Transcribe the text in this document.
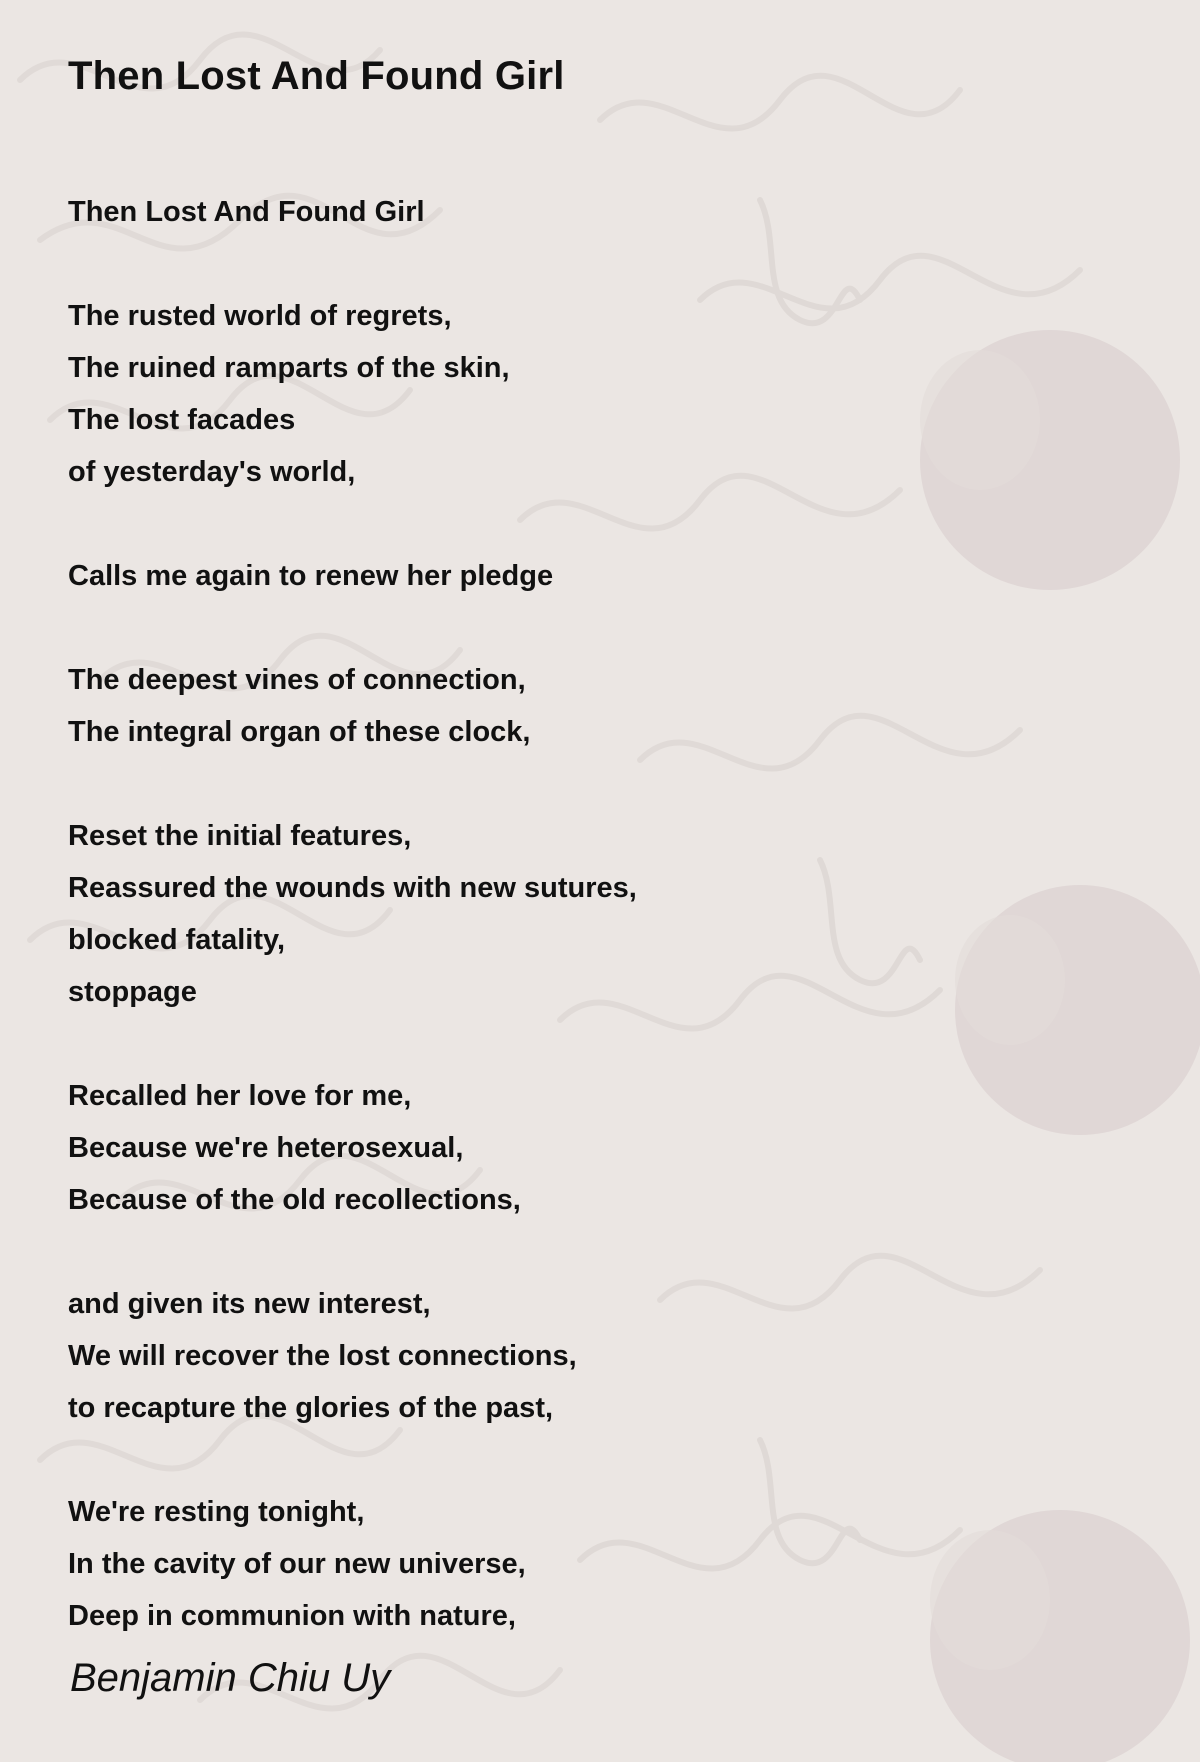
Then Lost And Found Girl
Then Lost And Found Girl
The rusted world of regrets,
The ruined ramparts of the skin,
The lost facades
of yesterday's world,
Calls me again to renew her pledge
The deepest vines of connection,
The integral organ of these clock,
Reset the initial features,
Reassured the wounds with new sutures,
blocked fatality,
stoppage
Recalled her love for me,
Because we're heterosexual,
Because of the old recollections,
and given its new interest,
We will recover the lost connections,
to recapture the glories of the past,
We're resting tonight,
In the cavity of our new universe,
Deep in communion with nature,
Benjamin Chiu Uy
